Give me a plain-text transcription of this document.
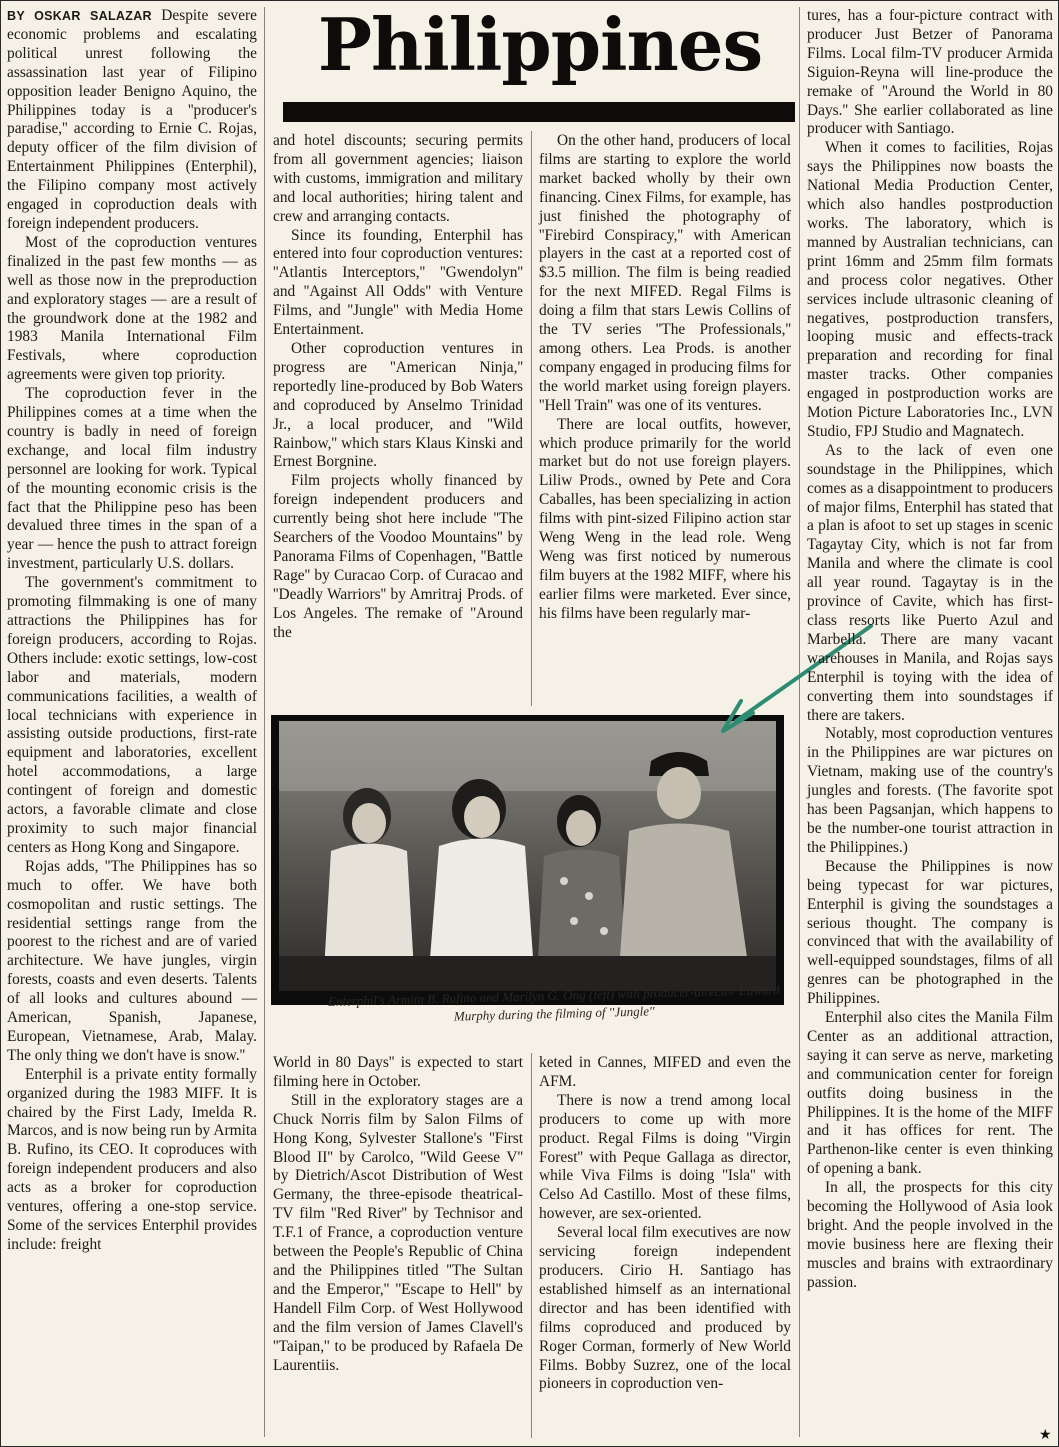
Philippines

BY OSKAR SALAZAR Despite severe economic problems and escalating political unrest following the assassination last year of Filipino opposition leader Benigno Aquino, the Philippines today is a ''producer's paradise,'' according to Ernie C. Rojas, deputy officer of the film division of Entertainment Philippines (Enterphil), the Filipino company most actively engaged in coproduction deals with foreign independent producers.

Most of the coproduction ventures finalized in the past few months — as well as those now in the preproduction and exploratory stages — are a result of the groundwork done at the 1982 and 1983 Manila International Film Festivals, where coproduction agreements were given top priority.

The coproduction fever in the Philippines comes at a time when the country is badly in need of foreign exchange, and local film industry personnel are looking for work. Typical of the mounting economic crisis is the fact that the Philippine peso has been devalued three times in the span of a year — hence the push to attract foreign investment, particularly U.S. dollars.

The government's commitment to promoting filmmaking is one of many attractions the Philippines has for foreign producers, according to Rojas. Others include: exotic settings, low-cost labor and materials, modern communications facilities, a wealth of local technicians with experience in assisting outside productions, first-rate equipment and laboratories, excellent hotel accommodations, a large contingent of foreign and domestic actors, a favorable climate and close proximity to such major financial centers as Hong Kong and Singapore.

Rojas adds, ''The Philippines has so much to offer. We have both cosmopolitan and rustic settings. The residential settings range from the poorest to the richest and are of varied architecture. We have jungles, virgin forests, coasts and even deserts. Talents of all looks and cultures abound — American, Spanish, Japanese, European, Vietnamese, Arab, Malay. The only thing we don't have is snow.''

Enterphil is a private entity formally organized during the 1983 MIFF. It is chaired by the First Lady, Imelda R. Marcos, and is now being run by Armita B. Rufino, its CEO. It coproduces with foreign independent producers and also acts as a broker for coproduction ventures, offering a one-stop service. Some of the services Enterphil provides include: freight

and hotel discounts; securing permits from all government agencies; liaison with customs, immigration and military and local authorities; hiring talent and crew and arranging contacts.

Since its founding, Enterphil has entered into four coproduction ventures: ''Atlantis Interceptors,'' ''Gwendolyn'' and ''Against All Odds'' with Venture Films, and ''Jungle'' with Media Home Entertainment.

Other coproduction ventures in progress are ''American Ninja,'' reportedly line-produced by Bob Waters and coproduced by Anselmo Trinidad Jr., a local producer, and ''Wild Rainbow,'' which stars Klaus Kinski and Ernest Borgnine.

Film projects wholly financed by foreign independent producers and currently being shot here include ''The Searchers of the Voodoo Mountains'' by Panorama Films of Copenhagen, ''Battle Rage'' by Curacao Corp. of Curacao and ''Deadly Warriors'' by Amritraj Prods. of Los Angeles. The remake of ''Around the

On the other hand, producers of local films are starting to explore the world market backed wholly by their own financing. Cinex Films, for example, has just finished the photography of ''Firebird Conspiracy,'' with American players in the cast at a reported cost of $3.5 million. The film is being readied for the next MIFED. Regal Films is doing a film that stars Lewis Collins of the TV series ''The Professionals,'' among others. Lea Prods. is another company engaged in producing films for the world market using foreign players. ''Hell Train'' was one of its ventures.

There are local outfits, however, which produce primarily for the world market but do not use foreign players. Liliw Prods., owned by Pete and Cora Caballes, has been specializing in action films with pint-sized Filipino action star Weng Weng in the lead role. Weng Weng was first noticed by numerous film buyers at the 1982 MIFF, where his earlier films were marketed. Ever since, his films have been regularly mar-

Enterphil's Armita B. Rufino and Marilyn G. Ong (left) with producer-director Edward Murphy during the filming of ''Jungle''

World in 80 Days'' is expected to start filming here in October.

Still in the exploratory stages are a Chuck Norris film by Salon Films of Hong Kong, Sylvester Stallone's ''First Blood II'' by Carolco, ''Wild Geese V'' by Dietrich/Ascot Distribution of West Germany, the three-episode theatrical-TV film ''Red River'' by Technisor and T.F.1 of France, a coproduction venture between the People's Republic of China and the Philippines titled ''The Sultan and the Emperor,'' ''Escape to Hell'' by Handell Film Corp. of West Hollywood and the film version of James Clavell's ''Taipan,'' to be produced by Rafaela De Laurentiis.

keted in Cannes, MIFED and even the AFM.

There is now a trend among local producers to come up with more product. Regal Films is doing ''Virgin Forest'' with Peque Gallaga as director, while Viva Films is doing ''Isla'' with Celso Ad Castillo. Most of these films, however, are sex-oriented.

Several local film executives are now servicing foreign independent producers. Cirio H. Santiago has established himself as an international director and has been identified with films coproduced and produced by Roger Corman, formerly of New World Films. Bobby Suzrez, one of the local pioneers in coproduction ven-

tures, has a four-picture contract with producer Just Betzer of Panorama Films. Local film-TV producer Armida Siguion-Reyna will line-produce the remake of ''Around the World in 80 Days.'' She earlier collaborated as line producer with Santiago.

When it comes to facilities, Rojas says the Philippines now boasts the National Media Production Center, which also handles postproduction works. The laboratory, which is manned by Australian technicians, can print 16mm and 25mm film formats and process color negatives. Other services include ultrasonic cleaning of negatives, postproduction transfers, looping music and effects-track preparation and recording for final master tracks. Other companies engaged in postproduction works are Motion Picture Laboratories Inc., LVN Studio, FPJ Studio and Magnatech.

As to the lack of even one soundstage in the Philippines, which comes as a disappointment to producers of major films, Enterphil has stated that a plan is afoot to set up stages in scenic Tagaytay City, which is not far from Manila and where the climate is cool all year round. Tagaytay is in the province of Cavite, which has first-class resorts like Puerto Azul and Marbella. There are many vacant warehouses in Manila, and Rojas says Enterphil is toying with the idea of converting them into soundstages if there are takers.

Notably, most coproduction ventures in the Philippines are war pictures on Vietnam, making use of the country's jungles and forests. (The favorite spot has been Pagsanjan, which happens to be the number-one tourist attraction in the Philippines.)

Because the Philippines is now being typecast for war pictures, Enterphil is giving the soundstages a serious thought. The company is convinced that with the availability of well-equipped soundstages, films of all genres can be photographed in the Philippines.

Enterphil also cites the Manila Film Center as an additional attraction, saying it can serve as nerve, marketing and communication center for foreign outfits doing business in the Philippines. It is the home of the MIFF and it has offices for rent. The Parthenon-like center is even thinking of opening a bank.

In all, the prospects for this city becoming the Hollywood of Asia look bright. And the people involved in the movie business here are flexing their muscles and brains with extraordinary passion.

★
